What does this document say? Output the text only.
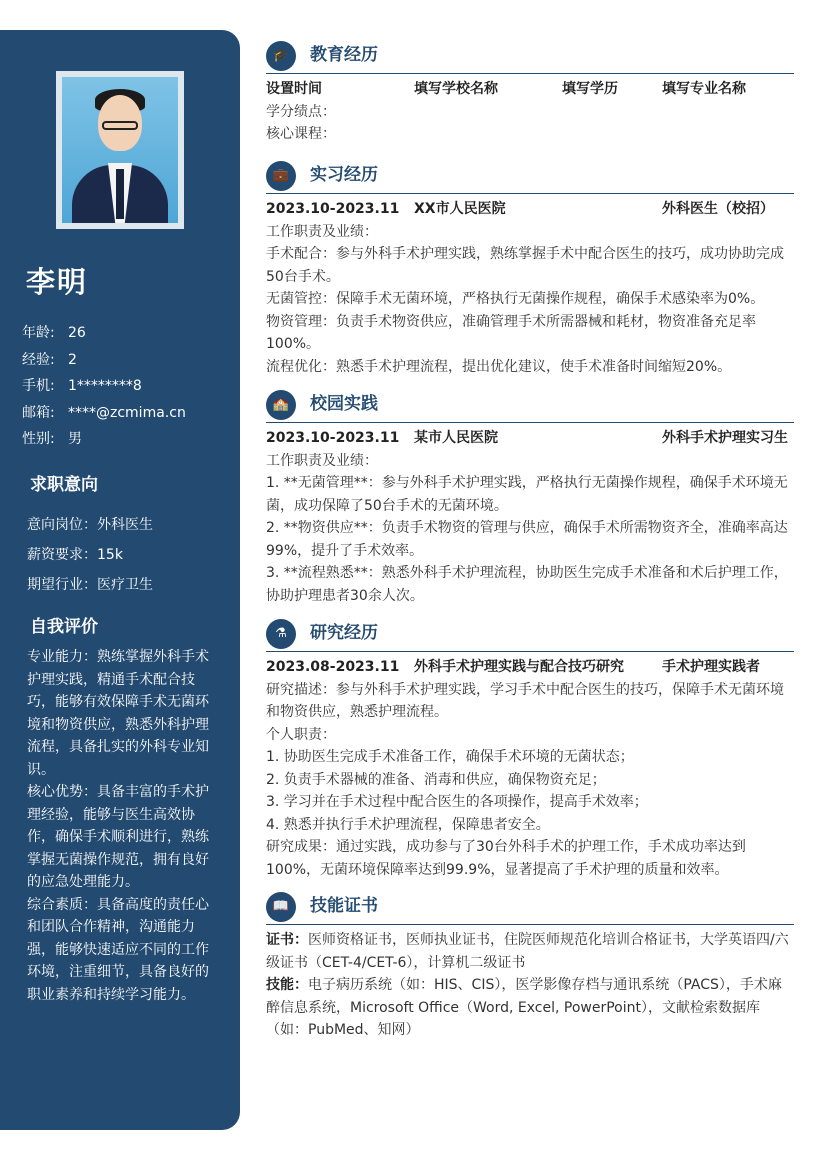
李明
年龄: 26
经验: 2
手机: 1********8
邮箱: ****@zcmima.cn
性别: 男
求职意向
意向岗位：外科医生
薪资要求：15k
期望行业：医疗卫生
自我评价

专业能力：熟练掌握外科手术护理实践，精通手术配合技巧，能够有效保障手术无菌环境和物资供应，熟悉外科护理流程，具备扎实的外科专业知识。

核心优势：具备丰富的手术护理经验，能够与医生高效协作，确保手术顺利进行，熟练掌握无菌操作规范，拥有良好的应急处理能力。

综合素质：具备高度的责任心和团队合作精神，沟通能力强，能够快速适应不同的工作环境，注重细节，具备良好的职业素养和持续学习能力。

🎓	教育经历
设置时间	填写学校名称	填写学历	填写专业名称

学分绩点：

核心课程：

💼	实习经历
2023.10-2023.11	XX市人民医院	外科医生（校招）

工作职责及业绩：

手术配合：参与外科手术护理实践，熟练掌握手术中配合医生的技巧，成功协助完成50台手术。

无菌管控：保障手术无菌环境，严格执行无菌操作规程，确保手术感染率为0%。

物资管理：负责手术物资供应，准确管理手术所需器械和耗材，物资准备充足率100%。

流程优化：熟悉手术护理流程，提出优化建议，使手术准备时间缩短20%。

🏫	校园实践
2023.10-2023.11	某市人民医院	外科手术护理实习生

工作职责及业绩：

1. **无菌管理**：参与外科手术护理实践，严格执行无菌操作规程，确保手术环境无菌，成功保障了50台手术的无菌环境。

2. **物资供应**：负责手术物资的管理与供应，确保手术所需物资齐全，准确率高达99%，提升了手术效率。

3. **流程熟悉**：熟悉外科手术护理流程，协助医生完成手术准备和术后护理工作，协助护理患者30余人次。

⚗	研究经历
2023.08-2023.11	外科手术护理实践与配合技巧研究	手术护理实践者

研究描述：参与外科手术护理实践，学习手术中配合医生的技巧，保障手术无菌环境和物资供应，熟悉护理流程。

个人职责：

1. 协助医生完成手术准备工作，确保手术环境的无菌状态；

2. 负责手术器械的准备、消毒和供应，确保物资充足；

3. 学习并在手术过程中配合医生的各项操作，提高手术效率；

4. 熟悉并执行手术护理流程，保障患者安全。

研究成果：通过实践，成功参与了30台外科手术的护理工作，手术成功率达到100%，无菌环境保障率达到99.9%，显著提高了手术护理的质量和效率。

📖	技能证书

证书：医师资格证书，医师执业证书，住院医师规范化培训合格证书，大学英语四/六级证书（CET-4/CET-6），计算机二级证书

技能：电子病历系统（如：HIS、CIS），医学影像存档与通讯系统（PACS），手术麻醉信息系统，Microsoft Office（Word, Excel, PowerPoint），文献检索数据库（如：PubMed、知网）
